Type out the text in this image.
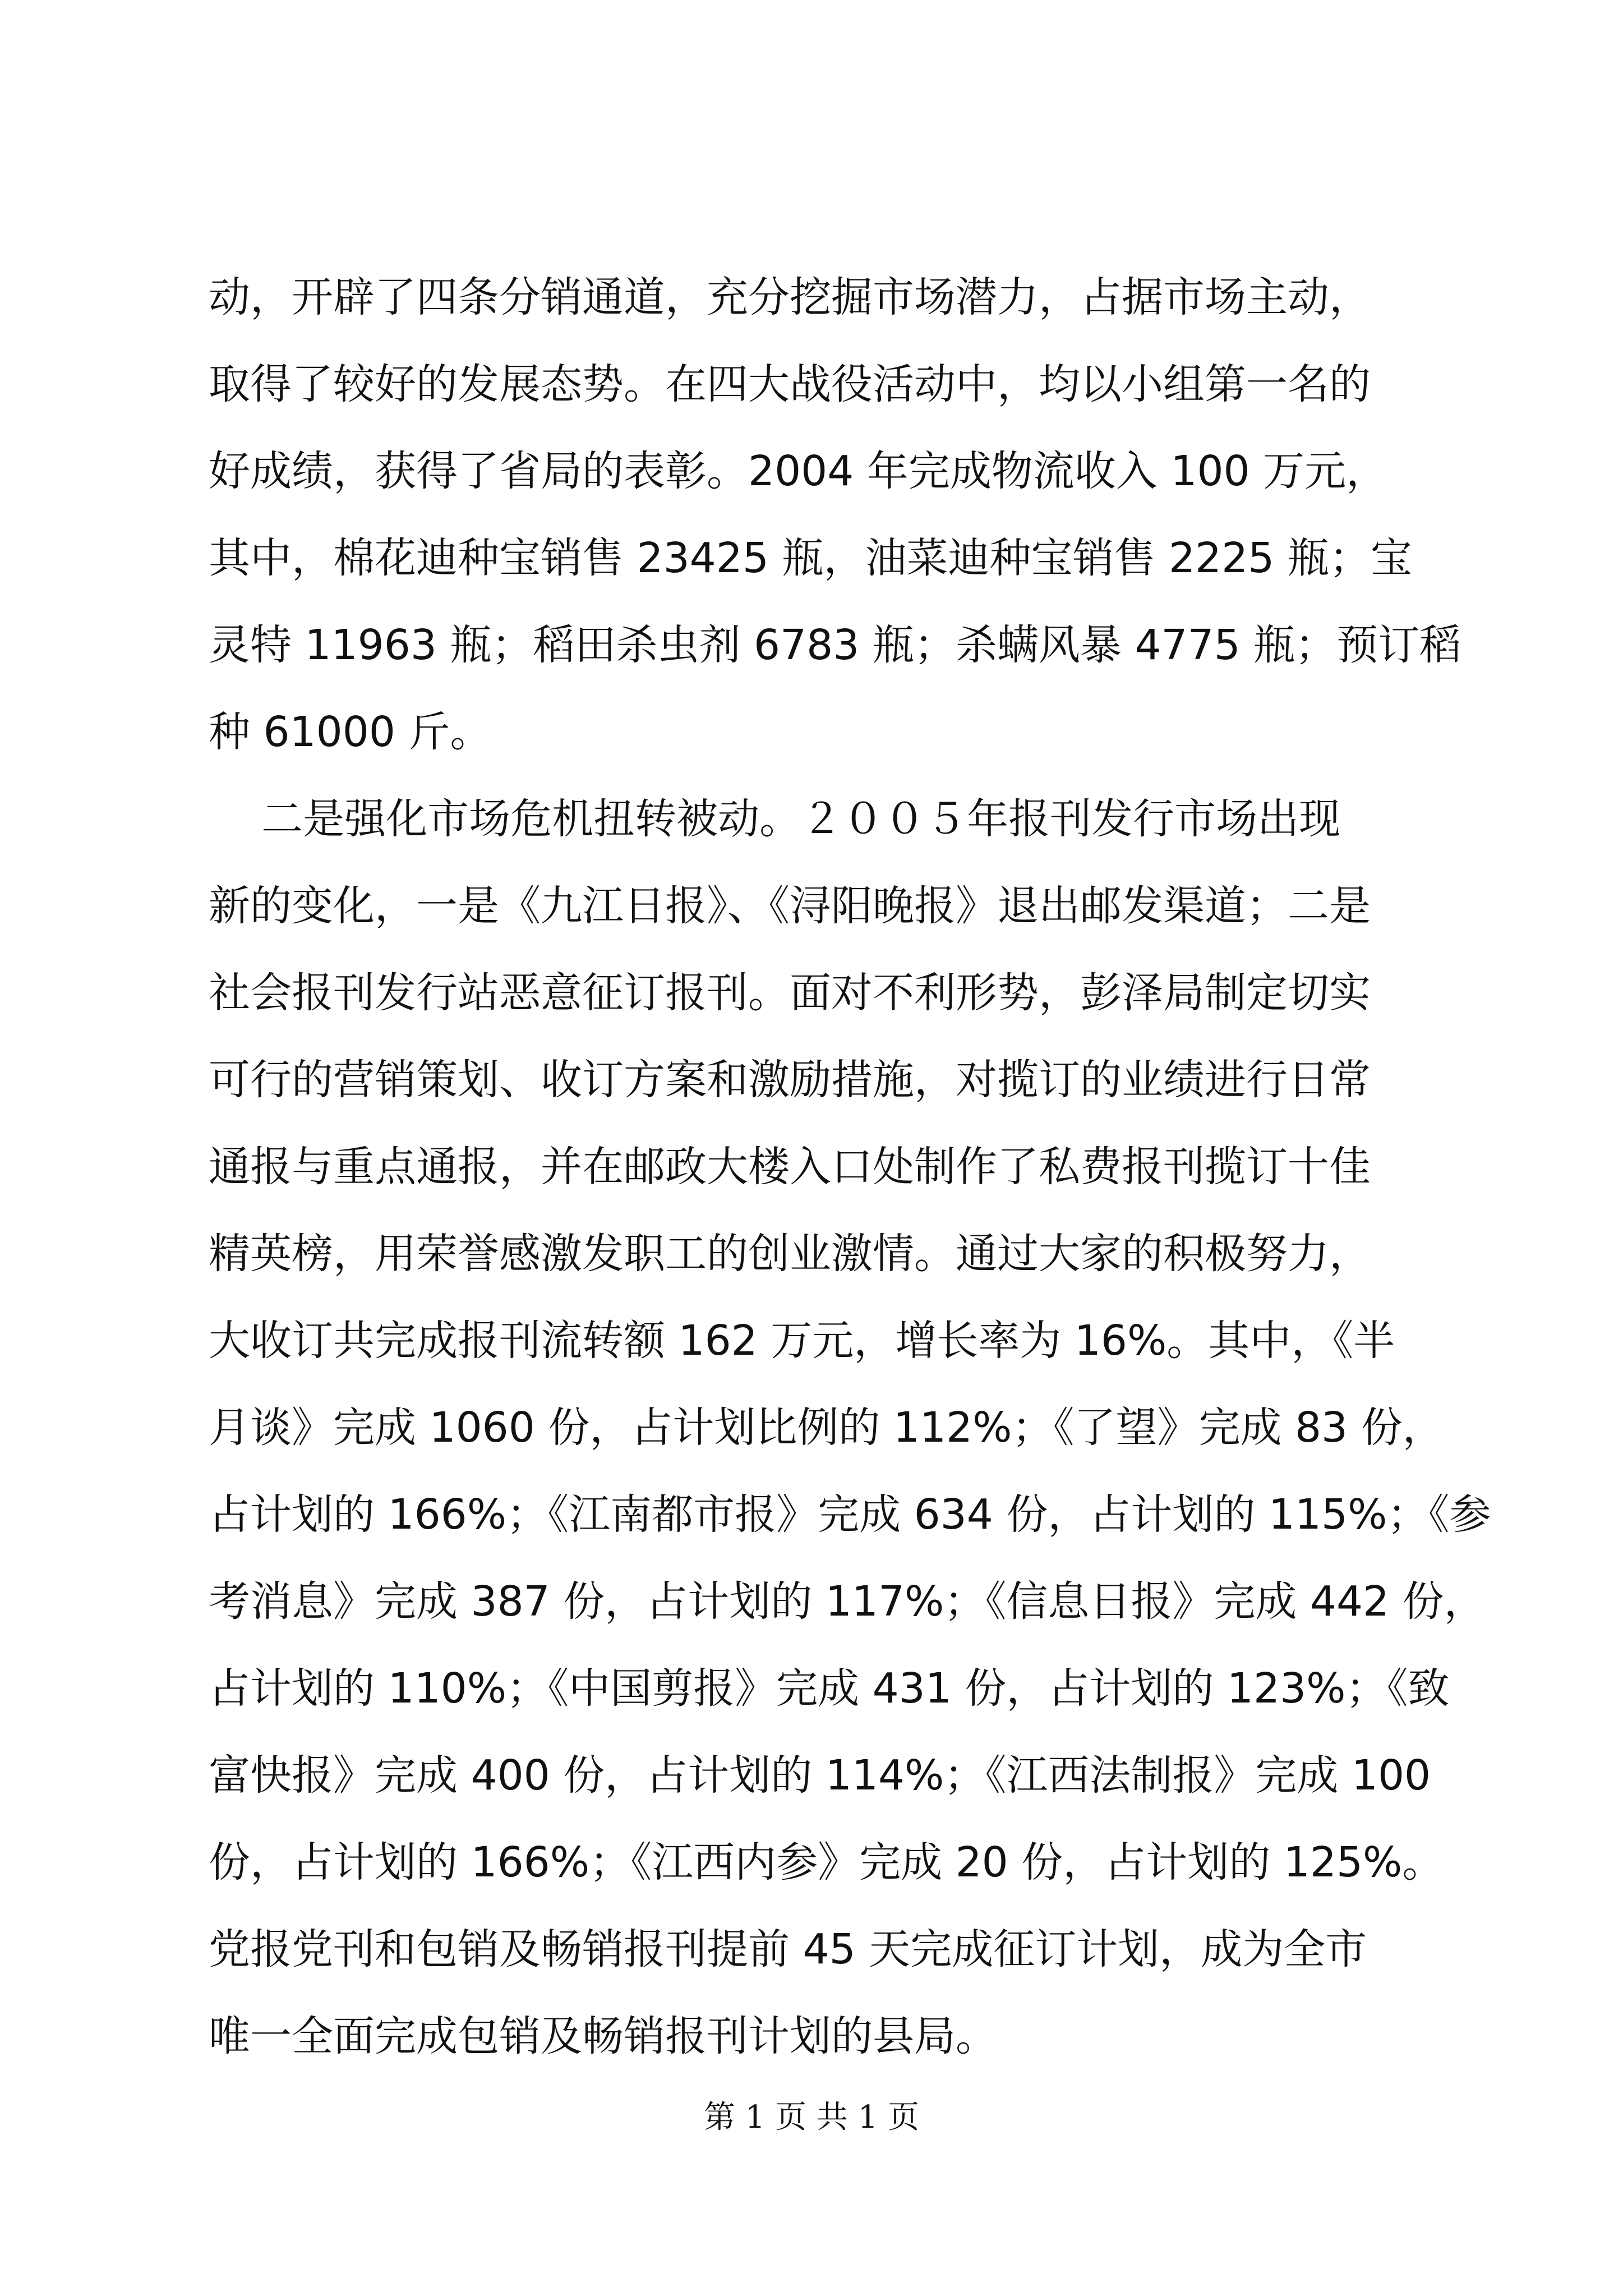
动，开辟了四条分销通道，充分挖掘市场潜力，占据市场主动，
取得了较好的发展态势。在四大战役活动中，均以小组第一名的
好成绩，获得了省局的表彰。2004 年完成物流收入 100 万元，
其中，棉花迪种宝销售 23425 瓶，油菜迪种宝销售 2225 瓶；宝
灵特 11963 瓶；稻田杀虫剂 6783 瓶；杀螨风暴 4775 瓶；预订稻
种 61000 斤。
二是强化市场危机扭转被动。２００５年报刊发行市场出现
新的变化，一是《九江日报》、《浔阳晚报》退出邮发渠道；二是
社会报刊发行站恶意征订报刊。面对不利形势，彭泽局制定切实
可行的营销策划、收订方案和激励措施，对揽订的业绩进行日常
通报与重点通报，并在邮政大楼入口处制作了私费报刊揽订十佳
精英榜，用荣誉感激发职工的创业激情。通过大家的积极努力，
大收订共完成报刊流转额 162 万元，增长率为 16%。其中，《半
月谈》完成 1060 份，占计划比例的 112%；《了望》完成 83 份，
占计划的 166%；《江南都市报》完成 634 份，占计划的 115%；《参
考消息》完成 387 份，占计划的 117%；《信息日报》完成 442 份，
占计划的 110%；《中国剪报》完成 431 份，占计划的 123%；《致
富快报》完成 400 份，占计划的 114%；《江西法制报》完成 100
份，占计划的 166%；《江西内参》完成 20 份，占计划的 125%。
党报党刊和包销及畅销报刊提前 45 天完成征订计划，成为全市
唯一全面完成包销及畅销报刊计划的县局。
第 1 页 共 1 页
